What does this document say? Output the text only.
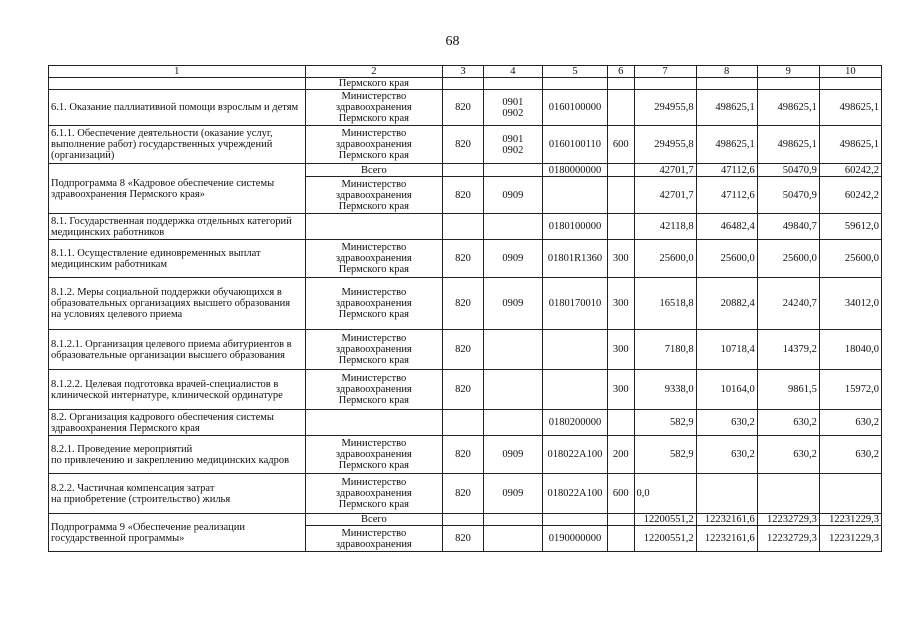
68
1	2	3	4	5	6	7	8	9	10
	Пермского края								
6.1. Оказание паллиативной помощи взрослым и детям	Министерство
здравоохранения
Пермского края	820	0901
0902	0160100000		294955,8	498625,1	498625,1	498625,1
6.1.1. Обеспечение деятельности (оказание услуг, выполнение работ) государственных учреждений (организаций)	Министерство
здравоохранения
Пермского края	820	0901
0902	0160100110	600	294955,8	498625,1	498625,1	498625,1
Подпрограмма 8 «Кадровое обеспечение системы здравоохранения Пермского края»	Всего			0180000000		42701,7	47112,6	50470,9	60242,2
	Министерство
здравоохранения
Пермского края	820	0909			42701,7	47112,6	50470,9	60242,2
8.1. Государственная поддержка отдельных категорий медицинских работников				0180100000		42118,8	46482,4	49840,7	59612,0
8.1.1. Осуществление единовременных выплат медицинским работникам	Министерство
здравоохранения
Пермского края	820	0909	01801R1360	300	25600,0	25600,0	25600,0	25600,0
8.1.2. Меры социальной поддержки обучающихся в образовательных организациях высшего образования на условиях целевого приема	Министерство
здравоохранения
Пермского края	820	0909	0180170010	300	16518,8	20882,4	24240,7	34012,0
8.1.2.1. Организация целевого приема абитуриентов в образовательные организации высшего образования	Министерство
здравоохранения
Пермского края	820			300	7180,8	10718,4	14379,2	18040,0
8.1.2.2. Целевая подготовка врачей-специалистов в клинической интернатуре, клинической ординатуре	Министерство
здравоохранения
Пермского края	820			300	9338,0	10164,0	9861,5	15972,0
8.2. Организация кадрового обеспечения системы здравоохранения Пермского края				0180200000		582,9	630,2	630,2	630,2
8.2.1. Проведение мероприятий
по привлечению и закреплению медицинских кадров	Министерство
здравоохранения
Пермского края	820	0909	018022А100	200	582,9	630,2	630,2	630,2
8.2.2. Частичная компенсация затрат
на приобретение (строительство) жилья	Министерство
здравоохранения
Пермского края	820	0909	018022А100	600	0,0			
Подпрограмма 9 «Обеспечение реализации государственной программы»	Всего					12200551,2	12232161,6	12232729,3	12231229,3
	Министерство
здравоохранения	820		0190000000		12200551,2	12232161,6	12232729,3	12231229,3
